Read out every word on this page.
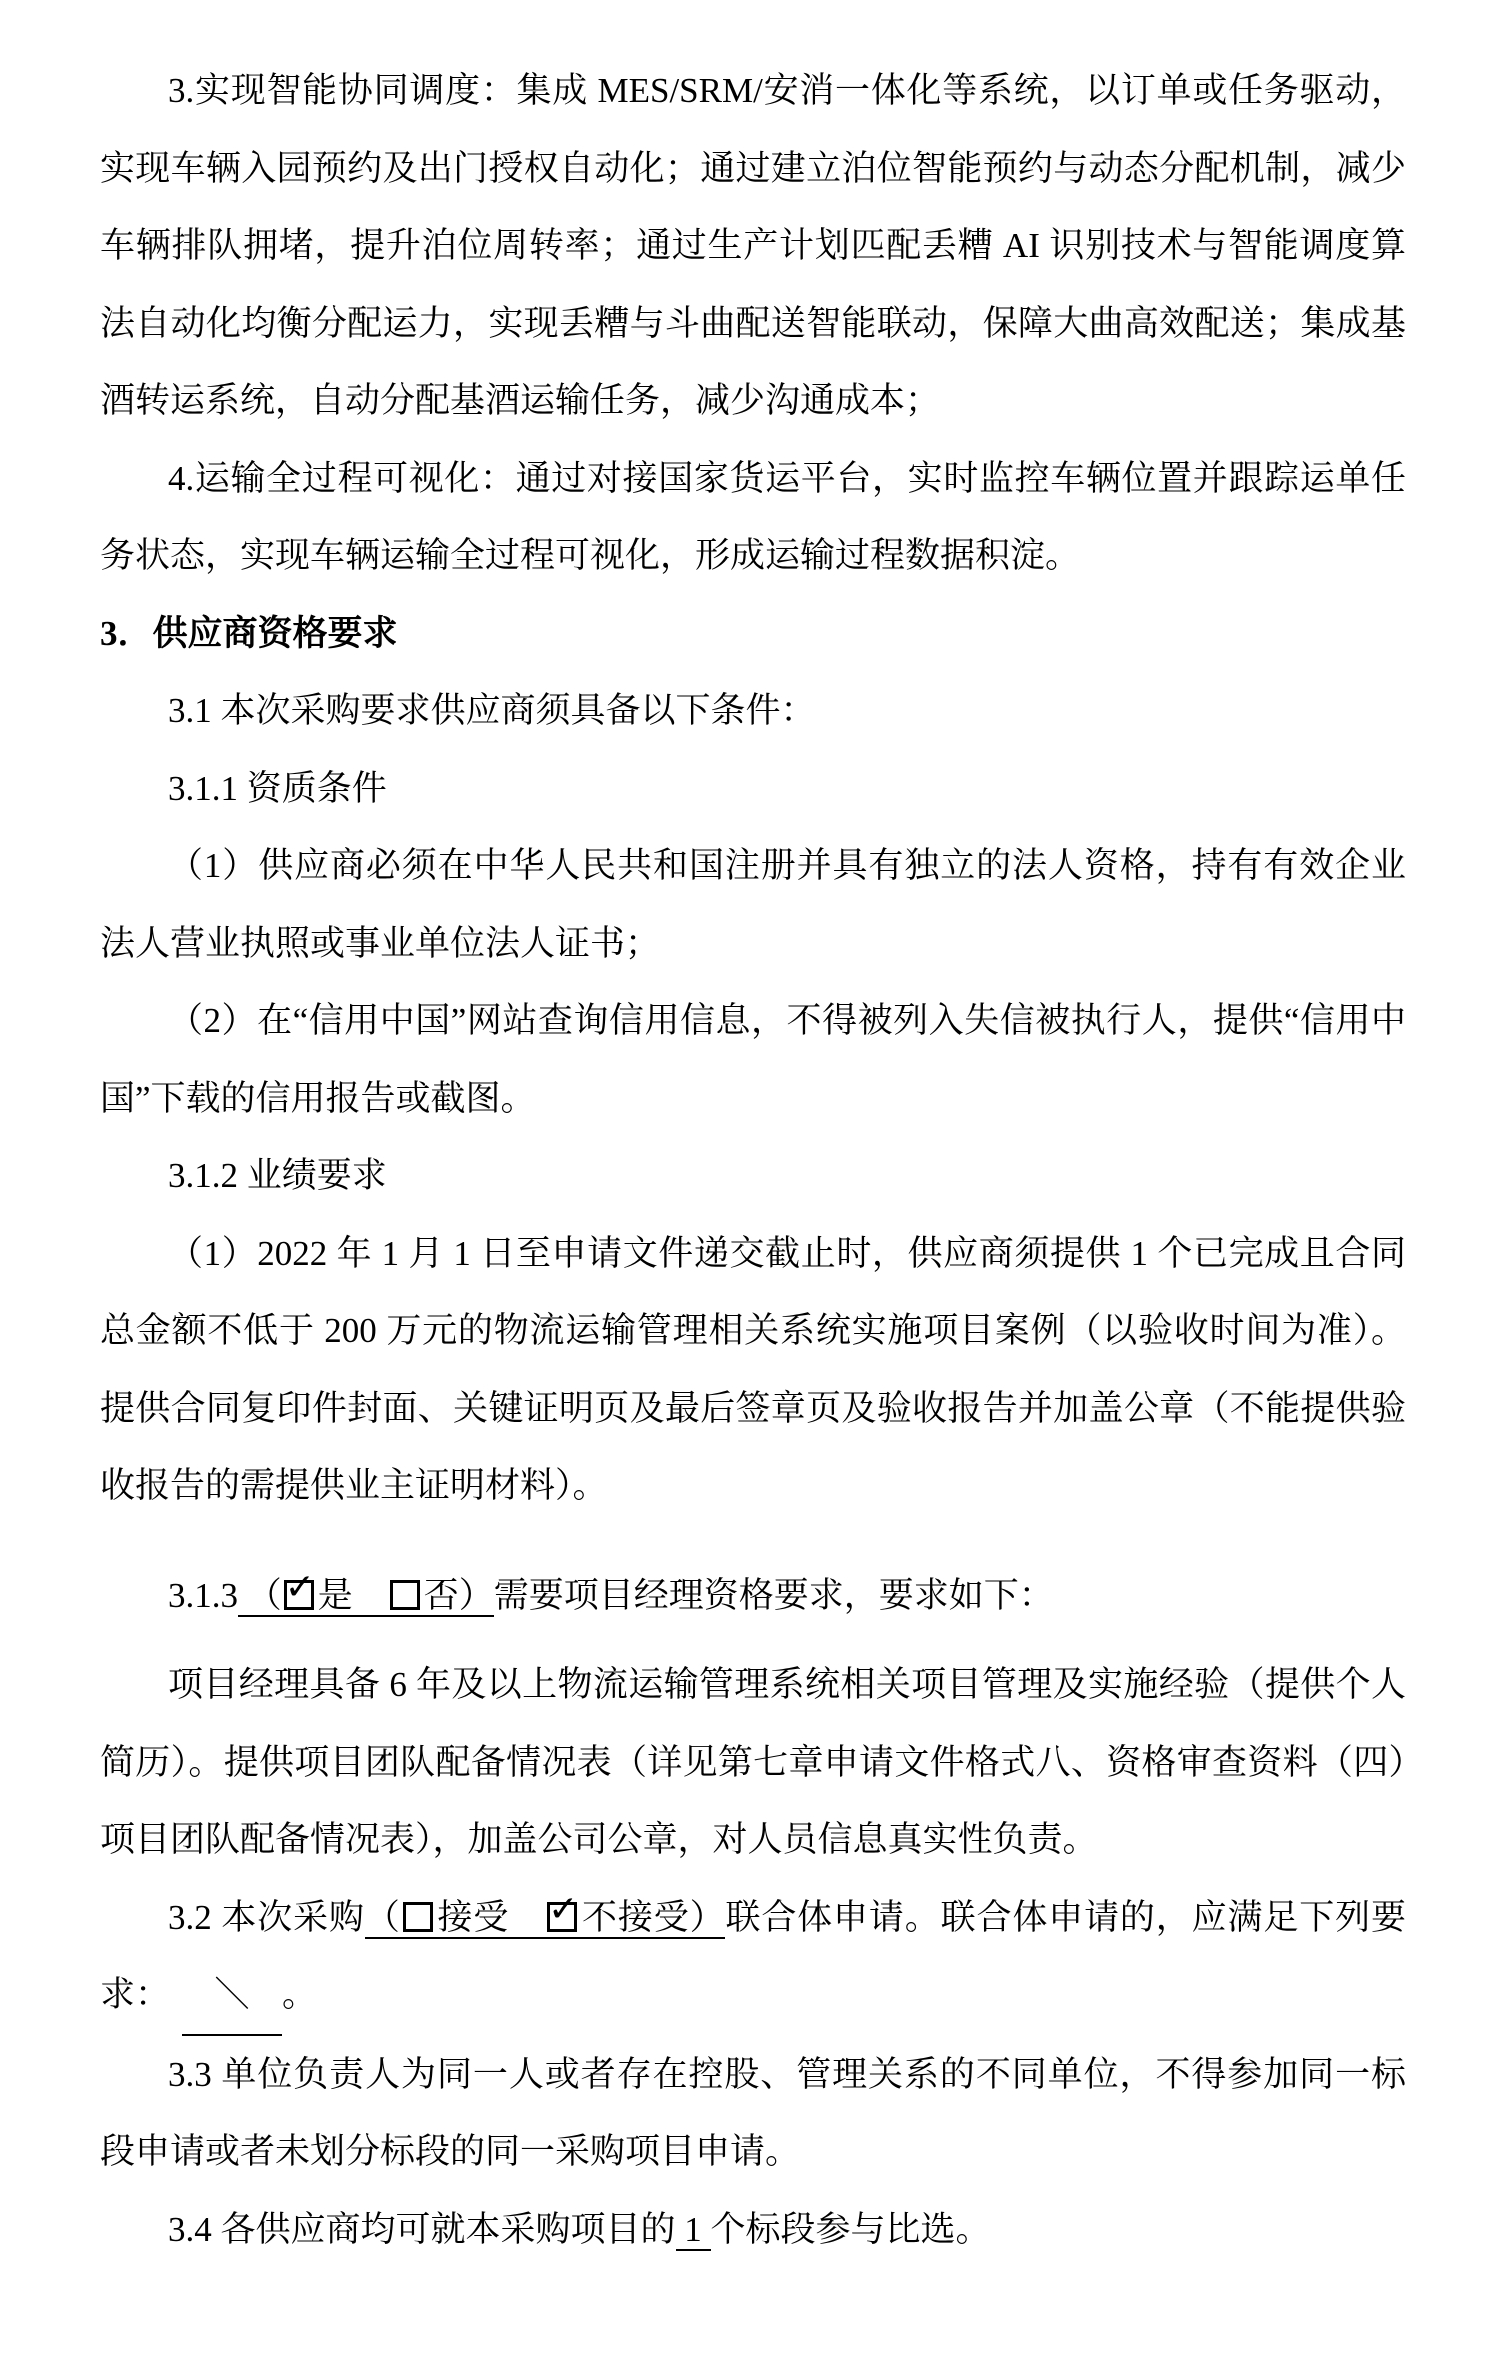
3.实现智能协同调度：集成 MES/SRM/安消一体化等系统，以订单或任务驱动，实现车辆入园预约及出门授权自动化；通过建立泊位智能预约与动态分配机制，减少车辆排队拥堵，提升泊位周转率；通过生产计划匹配丢糟 AI 识别技术与智能调度算法自动化均衡分配运力，实现丢糟与斗曲配送智能联动，保障大曲高效配送；集成基酒转运系统，自动分配基酒运输任务，减少沟通成本；

4.运输全过程可视化：通过对接国家货运平台，实时监控车辆位置并跟踪运单任务状态，实现车辆运输全过程可视化，形成运输过程数据积淀。

3．供应商资格要求

3.1 本次采购要求供应商须具备以下条件：

3.1.1 资质条件

（1）供应商必须在中华人民共和国注册并具有独立的法人资格，持有有效企业法人营业执照或事业单位法人证书；

（2）在“信用中国”网站查询信用信息，不得被列入失信被执行人，提供“信用中国”下载的信用报告或截图。

3.1.2 业绩要求

（1）2022 年 1 月 1 日至申请文件递交截止时，供应商须提供 1 个已完成且合同总金额不低于 200 万元的物流运输管理相关系统实施项目案例（以验收时间为准）。提供合同复印件封面、关键证明页及最后签章页及验收报告并加盖公章（不能提供验收报告的需提供业主证明材料）。

3.1.3 （ ✓ 是　否）需要项目经理资格要求，要求如下：

项目经理具备 6 年及以上物流运输管理系统相关项目管理及实施经验（提供个人简历）。提供项目团队配备情况表（详见第七章申请文件格式八、资格审查资料（四）项目团队配备情况表），加盖公司公章，对人员信息真实性负责。

3.2 本次采购（ 接受　 ✓ 不接受）联合体申请。联合体申请的，应满足下列要求： ＼ 。

3.3 单位负责人为同一人或者存在控股、管理关系的不同单位，不得参加同一标段申请或者未划分标段的同一采购项目申请。

3.4 各供应商均可就本采购项目的 1 个标段参与比选。
